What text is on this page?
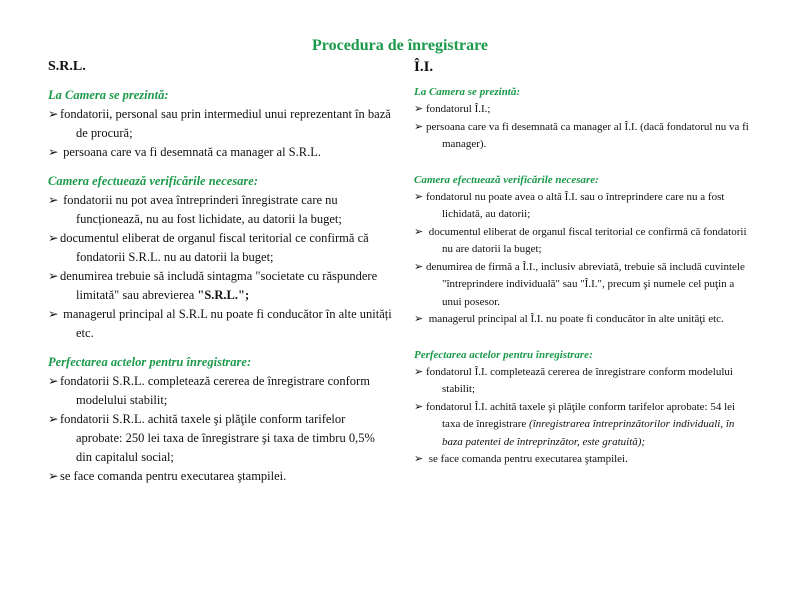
Procedura de înregistrare

S.R.L.

La Camera se prezintă:

➢ fondatorii, personal sau prin intermediul unui reprezentant în bază de procură;

➢ persoana care va fi desemnată ca manager al S.R.L.

Camera efectuează verificările necesare:

➢ fondatorii nu pot avea întreprinderi înregistrate care nu funcționează, nu au fost lichidate, au datorii la buget;

➢ documentul eliberat de organul fiscal teritorial ce confirmă că fondatorii S.R.L. nu au datorii la buget;

➢ denumirea trebuie să includă sintagma "societate cu răspundere limitată" sau abrevierea "S.R.L.";

➢ managerul principal al S.R.L nu poate fi conducător în alte unități etc.

Perfectarea actelor pentru înregistrare:

➢ fondatorii S.R.L. completează cererea de înregistrare conform modelului stabilit;

➢ fondatorii S.R.L. achită taxele şi plăţile conform tarifelor aprobate: 250 lei taxa de înregistrare şi taxa de timbru 0,5% din capitalul social;

➢ se face comanda pentru executarea ştampilei.

Î.I.

La Camera se prezintă:

➢ fondatorul Î.I.;

➢ persoana care va fi desemnată ca manager al Î.I. (dacă fondatorul nu va fi manager).

Camera efectuează verificările necesare:

➢ fondatorul nu poate avea o altă Î.I. sau o întreprindere care nu a fost lichidată, au datorii;

➢ documentul eliberat de organul fiscal teritorial ce confirmă că fondatorii nu are datorii la buget;

➢ denumirea de firmă a Î.I., inclusiv abreviată, trebuie să includă cuvintele "întreprindere individuală" sau "Î.I.", precum şi numele cel puţin a unui posesor.

➢ managerul principal al Î.I. nu poate fi conducător în alte unităţi etc.

Perfectarea actelor pentru înregistrare:

➢ fondatorul Î.I. completează cererea de înregistrare conform modelului stabilit;

➢ fondatorul Î.I. achită taxele şi plăţile conform tarifelor aprobate: 54 lei taxa de înregistrare (înregistrarea întreprinzătorilor individuali, în baza patentei de întreprinzător, este gratuită);

➢ se face comanda pentru executarea ştampilei.
